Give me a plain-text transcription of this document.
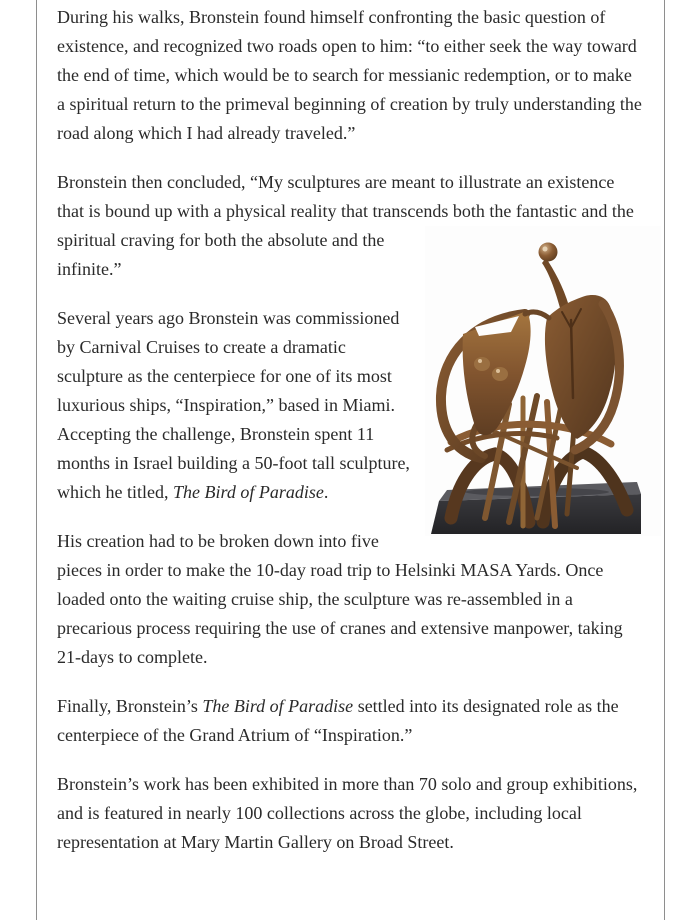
During his walks, Bronstein found himself confronting the basic question of existence, and recognized two roads open to him: “to either seek the way toward the end of time, which would be to search for messianic redemption, or to make a spiritual return to the primeval beginning of creation by truly understanding the road along which I had already traveled.”

Bronstein then concluded, “My sculptures are meant to illustrate an existence that is bound up with a physical reality that transcends both the fantastic and the spiritual craving for both the absolute and the infinite.”

Several years ago Bronstein was commissioned by Carnival Cruises to create a dramatic sculpture as the centerpiece for one of its most luxurious ships, “Inspiration,” based in Miami. Accepting the challenge, Bronstein spent 11 months in Israel building a 50-foot tall sculpture, which he titled, The Bird of Paradise.

His creation had to be broken down into five pieces in order to make the 10-day road trip to Helsinki MASA Yards. Once loaded onto the waiting cruise ship, the sculpture was re-assembled in a precarious process requiring the use of cranes and extensive manpower, taking 21-days to complete.

Finally, Bronstein’s The Bird of Paradise settled into its designated role as the centerpiece of the Grand Atrium of “Inspiration.”

Bronstein’s work has been exhibited in more than 70 solo and group exhibitions, and is featured in nearly 100 collections across the globe, including local representation at Mary Martin Gallery on Broad Street.
